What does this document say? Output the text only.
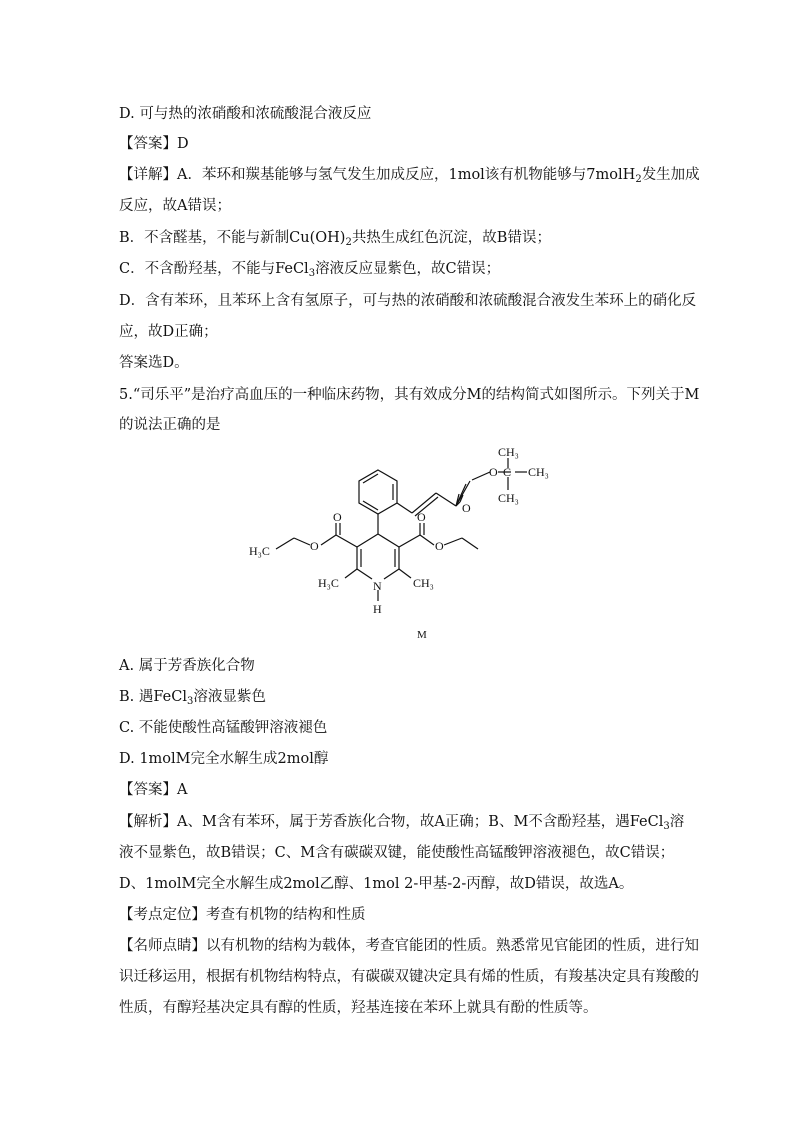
D. 可与热的浓硝酸和浓硫酸混合液反应
【答案】D
【详解】A．苯环和羰基能够与氢气发生加成反应，1mol该有机物能够与7molH$_2$发生加成
反应，故A错误；
B．不含醛基，不能与新制$Cu(OH)_2$共热生成红色沉淀，故B错误；
C．不含酚羟基，不能与FeCl$_3$溶液反应显紫色，故C错误；
D．含有苯环，且苯环上含有氢原子，可与热的浓硝酸和浓硫酸混合液发生苯环上的硝化反
应，故D正确；
答案选D。
5.“司乐平”是治疗高血压的一种临床药物，其有效成分M的结构简式如图所示。下列关于M
的说法正确的是
CH₃
O C CH₃
CH₃
O
H₃C	O
O	O
O
H₃C	CH₃
N
H
M
A. 属于芳香族化合物
B. 遇FeCl$_3$溶液显紫色
C. 不能使酸性高锰酸钾溶液褪色
D. 1molM完全水解生成2mol醇
【答案】A
【解析】A、M含有苯环，属于芳香族化合物，故A正确；B、M不含酚羟基，遇FeCl$_3$溶
液不显紫色，故B错误；C、M含有碳碳双键，能使酸性高锰酸钾溶液褪色，故C错误；
D、1molM完全水解生成2mol乙醇、1mol 2-甲基-2-丙醇，故D错误，故选A。
【考点定位】考查有机物的结构和性质
【名师点睛】以有机物的结构为载体，考查官能团的性质。熟悉常见官能团的性质，进行知
识迁移运用，根据有机物结构特点，有碳碳双键决定具有烯的性质，有羧基决定具有羧酸的
性质，有醇羟基决定具有醇的性质，羟基连接在苯环上就具有酚的性质等。
